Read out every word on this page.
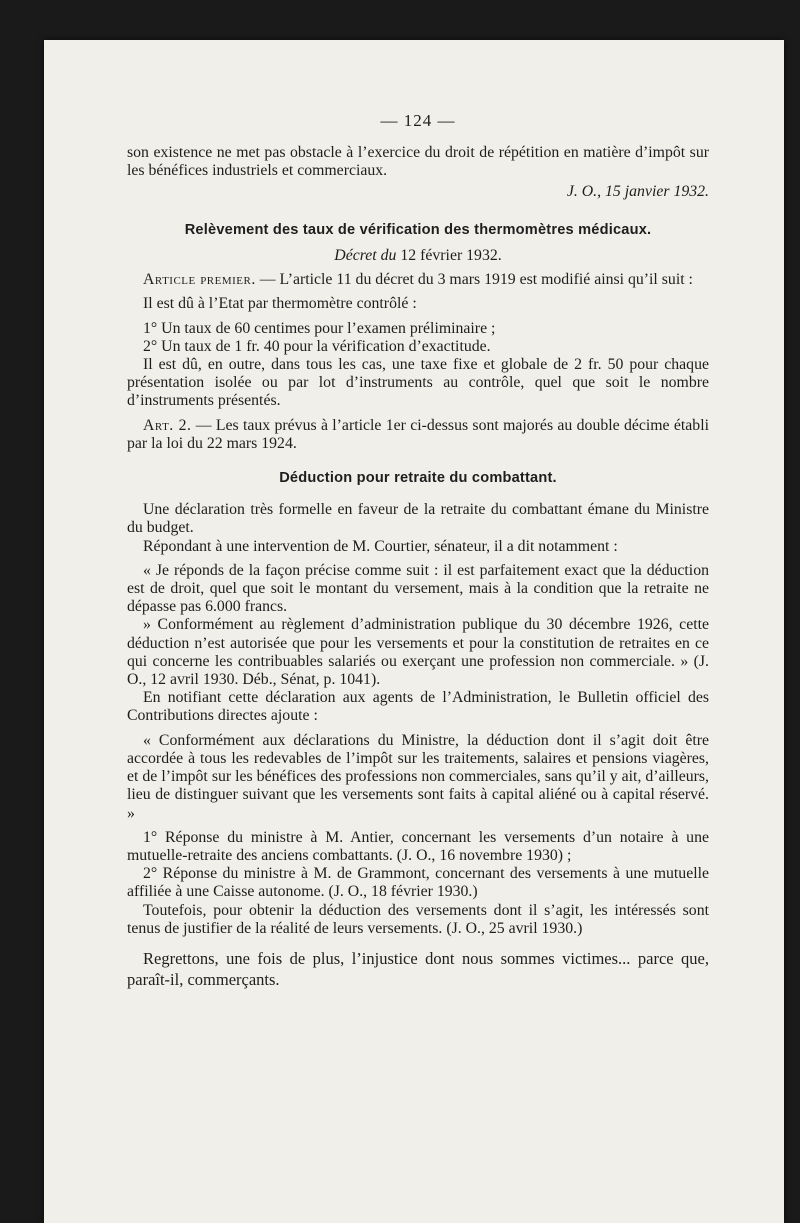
— 124 —

son existence ne met pas obstacle à l’exercice du droit de répétition en matière d’impôt sur les bénéfices industriels et commerciaux.

J. O., 15 janvier 1932.

Relèvement des taux de vérification des thermomètres médicaux.

Décret du 12 février 1932.

Article premier. — L’article 11 du décret du 3 mars 1919 est modifié ainsi qu’il suit :

Il est dû à l’Etat par thermomètre contrôlé :

1° Un taux de 60 centimes pour l’examen préliminaire ;

2° Un taux de 1 fr. 40 pour la vérification d’exactitude.

Il est dû, en outre, dans tous les cas, une taxe fixe et globale de 2 fr. 50 pour chaque présentation isolée ou par lot d’instruments au contrôle, quel que soit le nombre d’instruments présentés.

Art. 2. — Les taux prévus à l’article 1er ci-dessus sont majorés au double décime établi par la loi du 22 mars 1924.

Déduction pour retraite du combattant.

Une déclaration très formelle en faveur de la retraite du combattant émane du Ministre du budget.

Répondant à une intervention de M. Courtier, sénateur, il a dit notamment :

« Je réponds de la façon précise comme suit : il est parfaitement exact que la déduction est de droit, quel que soit le montant du versement, mais à la condition que la retraite ne dépasse pas 6.000 francs.

» Conformément au règlement d’administration publique du 30 décembre 1926, cette déduction n’est autorisée que pour les versements et pour la constitution de retraites en ce qui concerne les contribuables salariés ou exerçant une profession non commerciale. » (J. O., 12 avril 1930. Déb., Sénat, p. 1041).

En notifiant cette déclaration aux agents de l’Administration, le Bulletin officiel des Contributions directes ajoute :

« Conformément aux déclarations du Ministre, la déduction dont il s’agit doit être accordée à tous les redevables de l’impôt sur les traitements, salaires et pensions viagères, et de l’impôt sur les bénéfices des professions non commerciales, sans qu’il y ait, d’ailleurs, lieu de distinguer suivant que les versements sont faits à capital aliéné ou à capital réservé. »

1° Réponse du ministre à M. Antier, concernant les versements d’un notaire à une mutuelle-retraite des anciens combattants. (J. O., 16 novembre 1930) ;

2° Réponse du ministre à M. de Grammont, concernant des versements à une mutuelle affiliée à une Caisse autonome. (J. O., 18 février 1930.)

Toutefois, pour obtenir la déduction des versements dont il s’agit, les intéressés sont tenus de justifier de la réalité de leurs versements. (J. O., 25 avril 1930.)

Regrettons, une fois de plus, l’injustice dont nous sommes victimes... parce que, paraît-il, commerçants.
